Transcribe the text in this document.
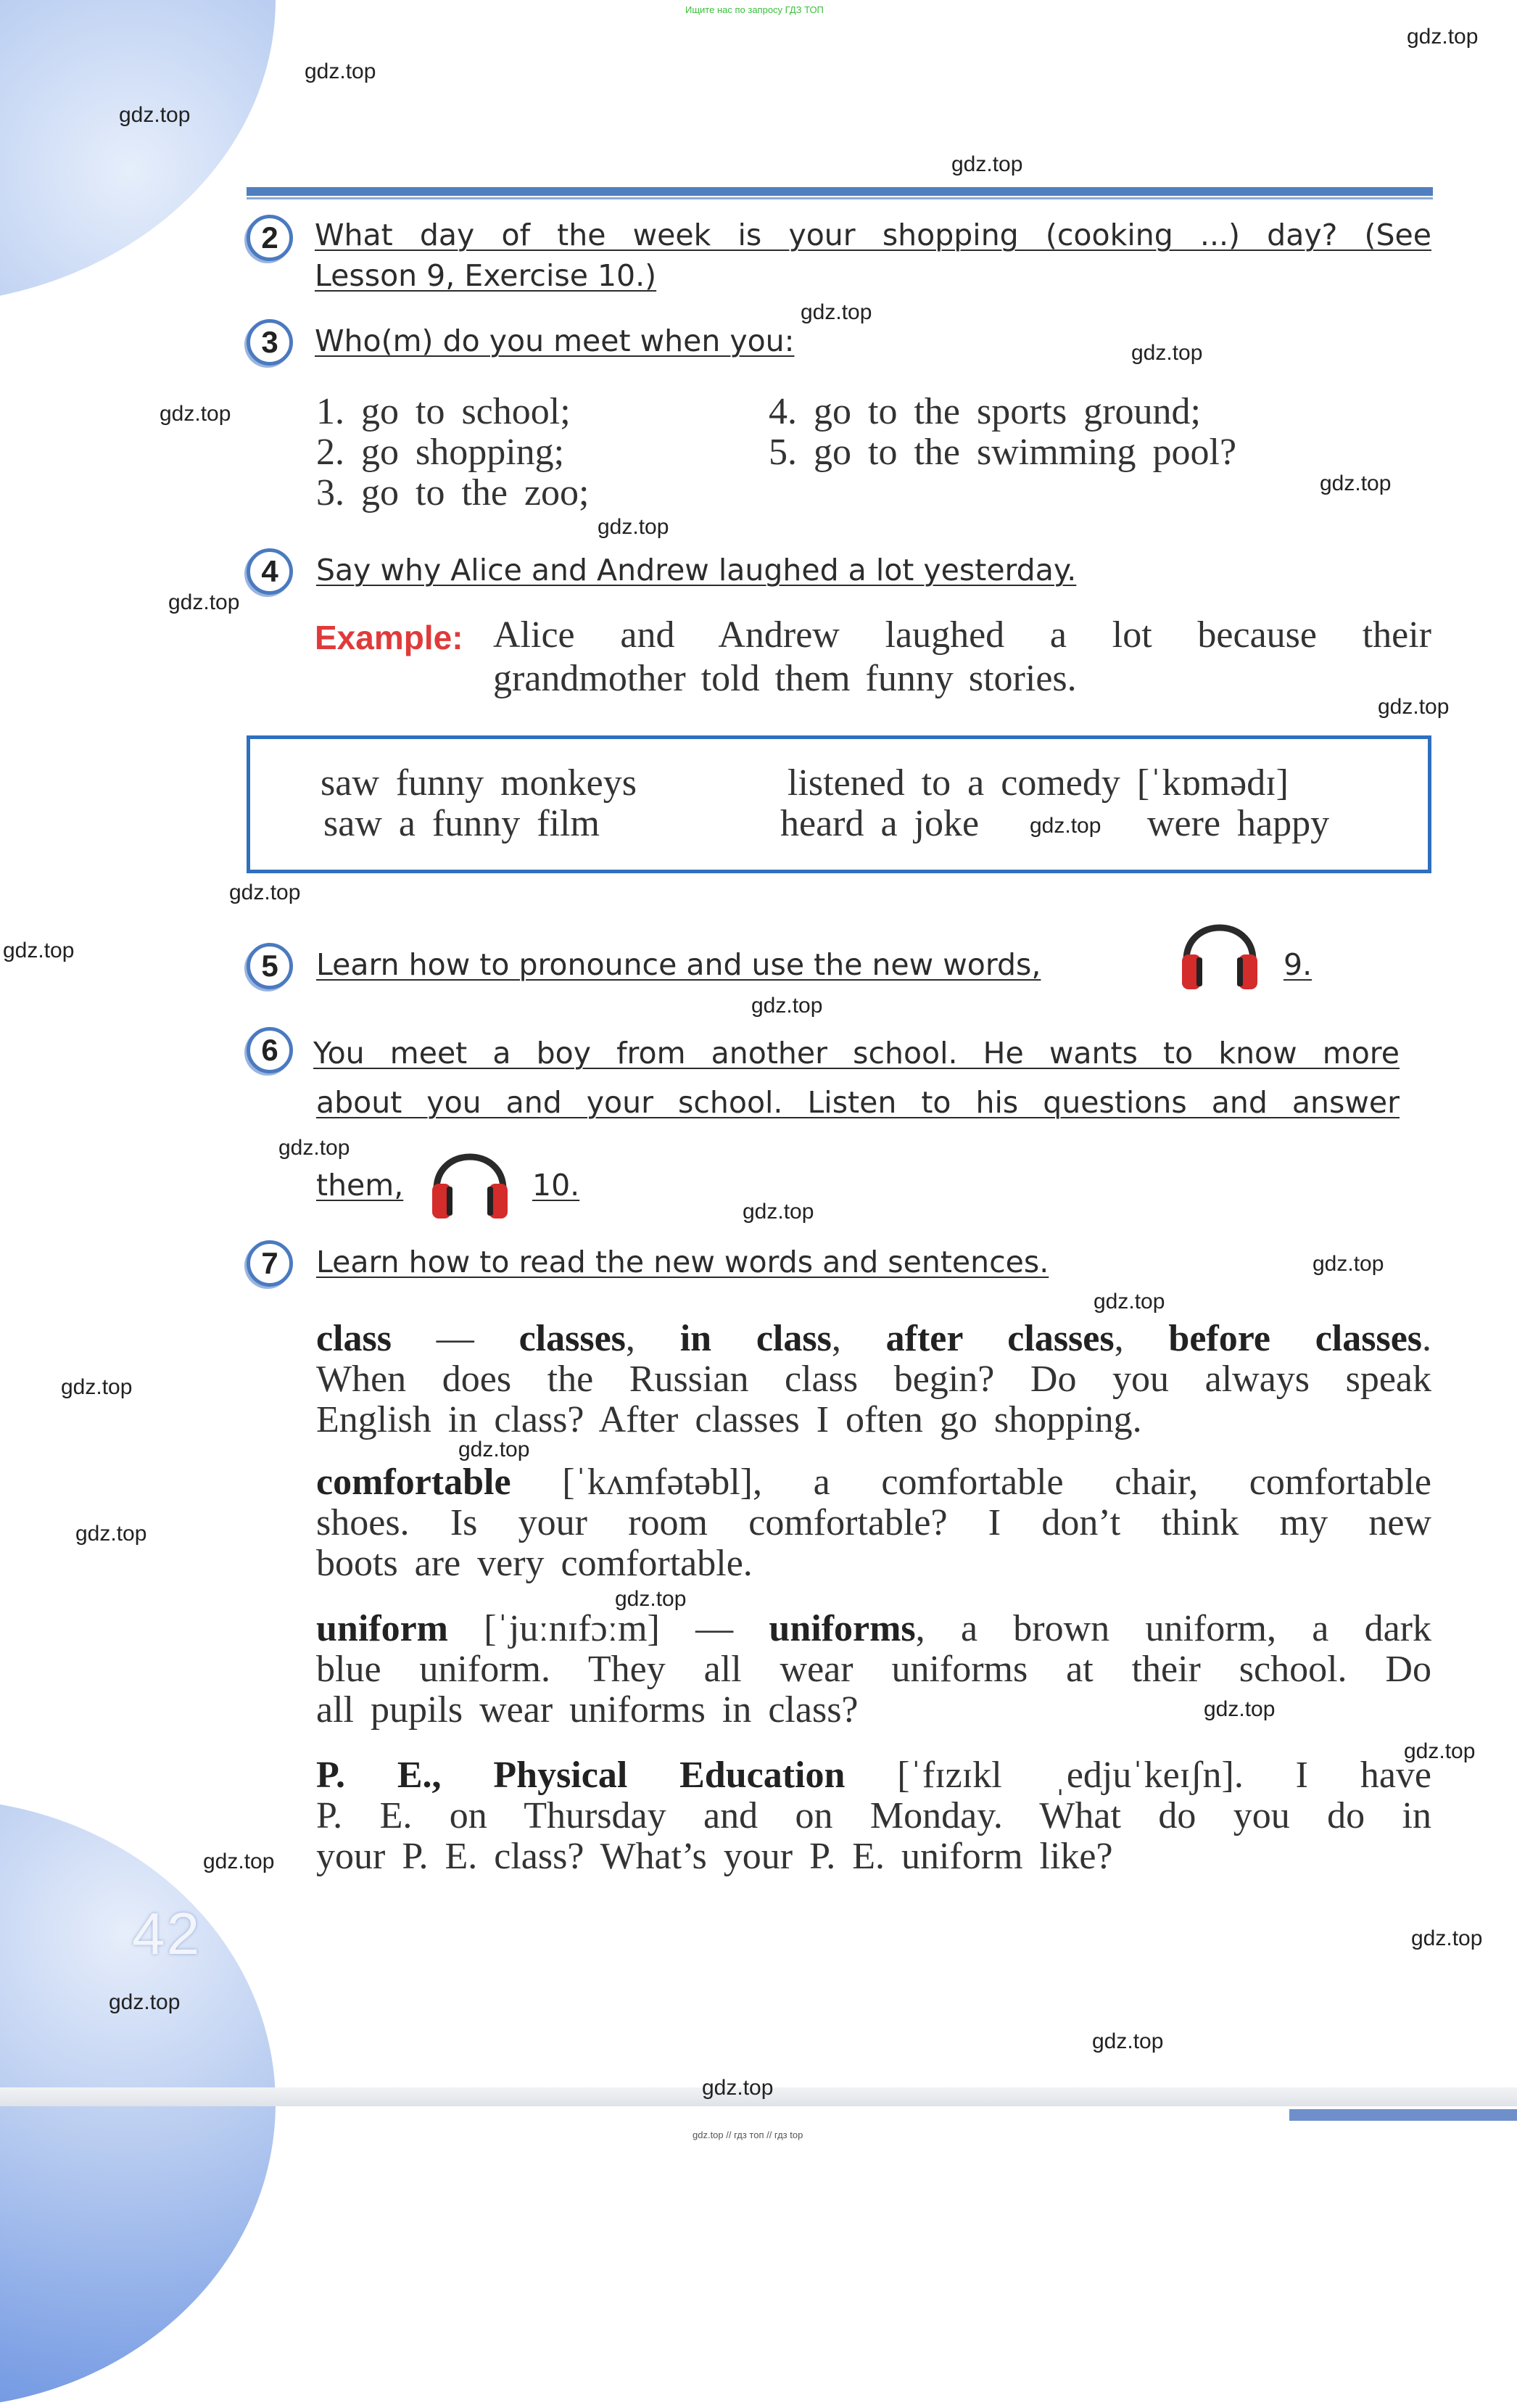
Ищите нас по запросу ГДЗ ТОП
gdz.top // гдз топ // гдз top
42
2	What day of the week is your shopping (cooking ...) day? (See
Lesson 9, Exercise 10.)
3	Who(m) do you meet when you:
1. go to school;
2. go shopping;
3. go to the zoo;
4. go to the sports ground;
5. go to the swimming pool?
4	Say why Alice and Andrew laughed a lot yesterday.
Example: Alice and Andrew laughed a lot because their
grandmother told them funny stories.
saw funny monkeys
saw a funny film
listened to a comedy [ˈkɒmədɪ]
heard a joke	were happy
5	Learn how to pronounce and use the new words,	9.
6	You meet a boy from another school. He wants to know more
about you and your school. Listen to his questions and answer
them,	10.
7	Learn how to read the new words and sentences.
class — classes, in class, after classes, before classes.
When does the Russian class begin? Do you always speak
English in class? After classes I often go shopping.
comfortable [ˈkʌmfətəbl], a comfortable chair, comfortable
shoes. Is your room comfortable? I don’t think my new
boots are very comfortable.
uniform [ˈjuːnɪfɔːm] — uniforms, a brown uniform, a dark
blue uniform. They all wear uniforms at their school. Do
all pupils wear uniforms in class?
P. E., Physical Education [ˈfɪzɪkl ˌedjuˈkeɪʃn]. I have
P. E. on Thursday and on Monday. What do you do in
your P. E. class? What’s your P. E. uniform like?
gdz.top
gdz.top
gdz.top
gdz.top
gdz.top
gdz.top
gdz.top
gdz.top
gdz.top
gdz.top
gdz.top
gdz.top
gdz.top
gdz.top
gdz.top
gdz.top
gdz.top
gdz.top
gdz.top
gdz.top
gdz.top
gdz.top
gdz.top
gdz.top
gdz.top
gdz.top
gdz.top
gdz.top
gdz.top
gdz.top
